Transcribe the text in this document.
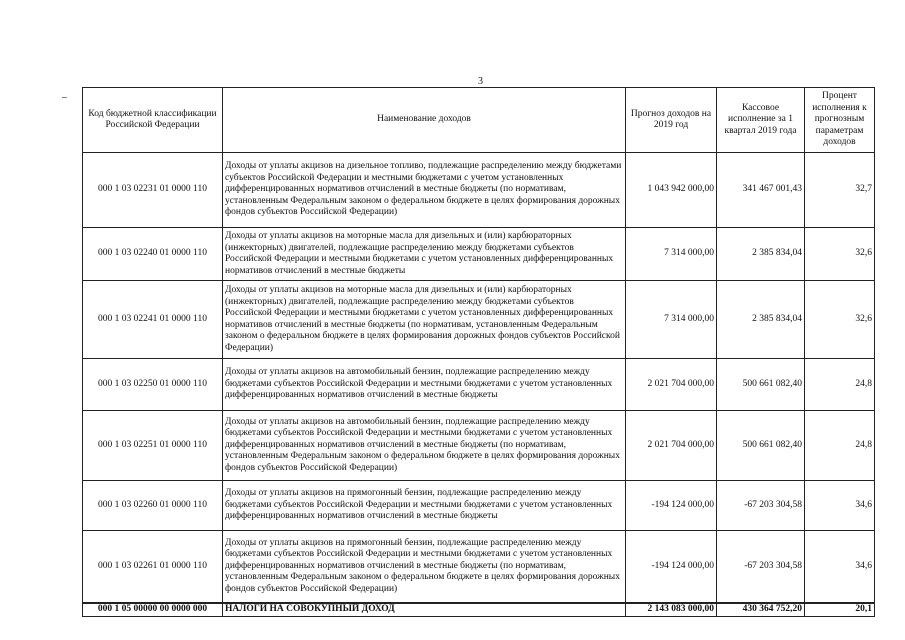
3
–
Код бюджетной классификации Российской Федерации	Наименование доходов	Прогноз доходов на 2019 год	Кассовое исполнение за 1 квартал 2019 года	Процент исполнения к прогнозным параметрам доходов
000 1 03 02231 01 0000 110	Доходы от уплаты акцизов на дизельное топливо, подлежащие распределению между бюджетами субъектов Российской Федерации и местными бюджетами с учетом установленных дифференцированных нормативов отчислений в местные бюджеты (по нормативам, установленным Федеральным законом о федеральном бюджете в целях формирования дорожных фондов субъектов Российской Федерации)	1 043 942 000,00	341 467 001,43	32,7
000 1 03 02240 01 0000 110	Доходы от уплаты акцизов на моторные масла для дизельных и (или) карбюраторных (инжекторных) двигателей, подлежащие распределению между бюджетами субъектов Российской Федерации и местными бюджетами с учетом установленных дифференцированных нормативов отчислений в местные бюджеты	7 314 000,00	2 385 834,04	32,6
000 1 03 02241 01 0000 110	Доходы от уплаты акцизов на моторные масла для дизельных и (или) карбюраторных (инжекторных) двигателей, подлежащие распределению между бюджетами субъектов Российской Федерации и местными бюджетами с учетом установленных дифференцированных нормативов отчислений в местные бюджеты (по нормативам, установленным Федеральным законом о федеральном бюджете в целях формирования дорожных фондов субъектов Российской Федерации)	7 314 000,00	2 385 834,04	32,6
000 1 03 02250 01 0000 110	Доходы от уплаты акцизов на автомобильный бензин, подлежащие распределению между бюджетами субъектов Российской Федерации и местными бюджетами с учетом установленных дифференцированных нормативов отчислений в местные бюджеты	2 021 704 000,00	500 661 082,40	24,8
000 1 03 02251 01 0000 110	Доходы от уплаты акцизов на автомобильный бензин, подлежащие распределению между бюджетами субъектов Российской Федерации и местными бюджетами с учетом установленных дифференцированных нормативов отчислений в местные бюджеты (по нормативам, установленным Федеральным законом о федеральном бюджете в целях формирования дорожных фондов субъектов Российской Федерации)	2 021 704 000,00	500 661 082,40	24,8
000 1 03 02260 01 0000 110	Доходы от уплаты акцизов на прямогонный бензин, подлежащие распределению между бюджетами субъектов Российской Федерации и местными бюджетами с учетом установленных дифференцированных нормативов отчислений в местные бюджеты	-194 124 000,00	-67 203 304,58	34,6
000 1 03 02261 01 0000 110	Доходы от уплаты акцизов на прямогонный бензин, подлежащие распределению между бюджетами субъектов Российской Федерации и местными бюджетами с учетом установленных дифференцированных нормативов отчислений в местные бюджеты (по нормативам, установленным Федеральным законом о федеральном бюджете в целях формирования дорожных фондов субъектов Российской Федерации)	-194 124 000,00	-67 203 304,58	34,6
000 1 05 00000 00 0000 000	НАЛОГИ НА СОВОКУПНЫЙ ДОХОД	2 143 083 000,00	430 364 752,20	20,1
